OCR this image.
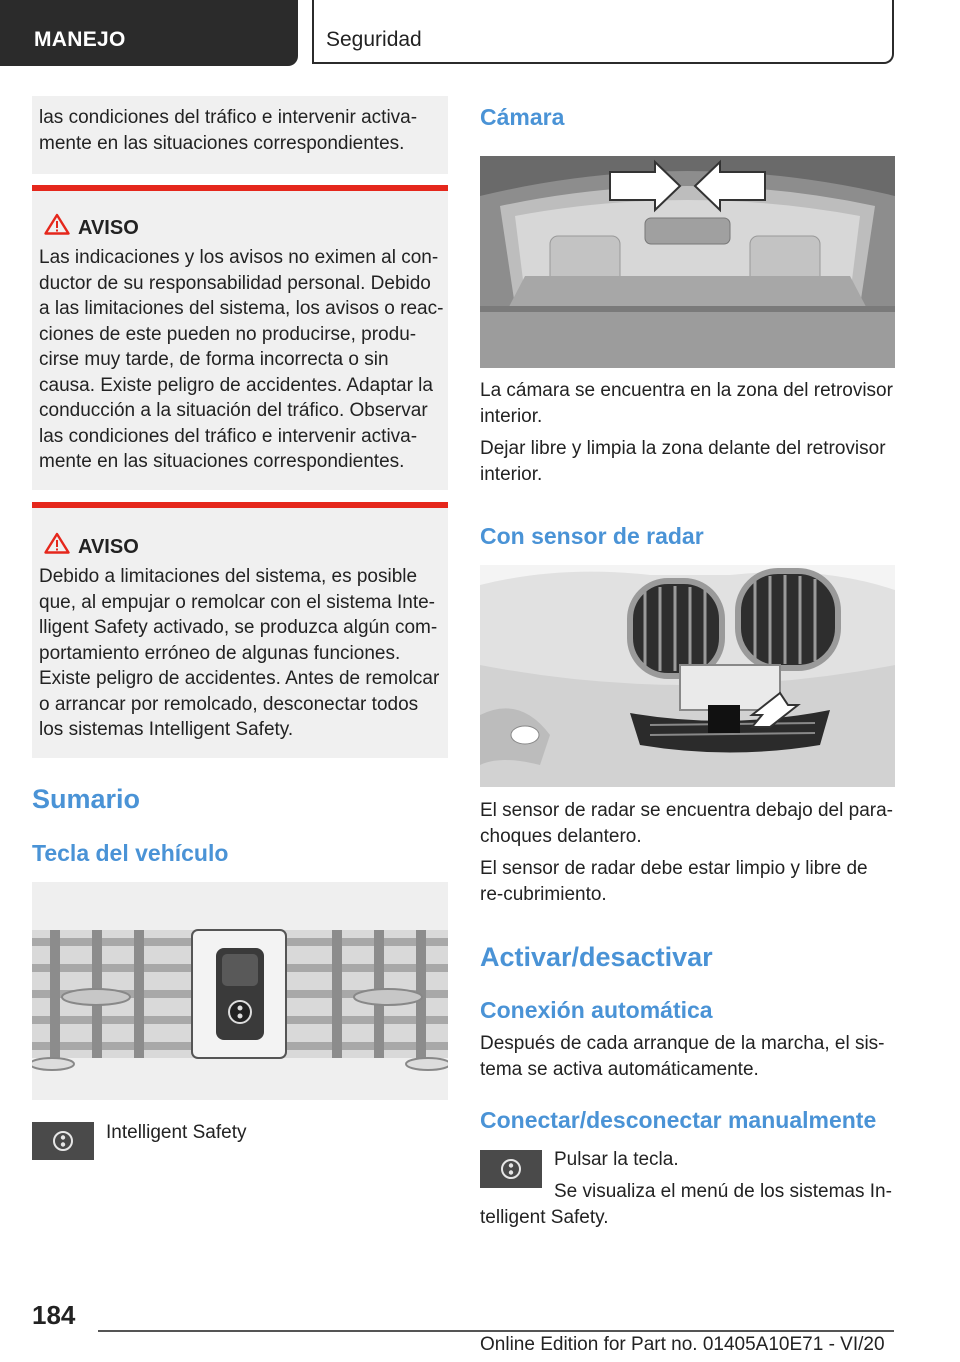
MANEJO	Seguridad
las condiciones del tráfico e intervenir activa-mente en las situaciones correspondientes.
AVISO
Las indicaciones y los avisos no eximen al con-ductor de su responsabilidad personal. Debido a las limitaciones del sistema, los avisos o reac-ciones de este pueden no producirse, produ-cirse muy tarde, de forma incorrecta o sin causa. Existe peligro de accidentes. Adaptar la conducción a la situación del tráfico. Observar las condiciones del tráfico e intervenir activa-mente en las situaciones correspondientes.
AVISO
Debido a limitaciones del sistema, es posible que, al empujar o remolcar con el sistema Inte-lligent Safety activado, se produzca algún com-portamiento erróneo de algunas funciones. Existe peligro de accidentes. Antes de remolcar o arrancar por remolcado, desconectar todos los sistemas Intelligent Safety.
Sumario
Tecla del vehículo
Intelligent Safety
Cámara
La cámara se encuentra en la zona del retrovisor interior.
Dejar libre y limpia la zona delante del retrovisor interior.
Con sensor de radar
El sensor de radar se encuentra debajo del para-choques delantero.
El sensor de radar debe estar limpio y libre de re-cubrimiento.
Activar/desactivar
Conexión automática
Después de cada arranque de la marcha, el sis-tema se activa automáticamente.
Conectar/desconectar manualmente
Pulsar la tecla.
Se visualiza el menú de los sistemas In-telligent Safety.
184
Online Edition for Part no. 01405A10E71 - VI/20
